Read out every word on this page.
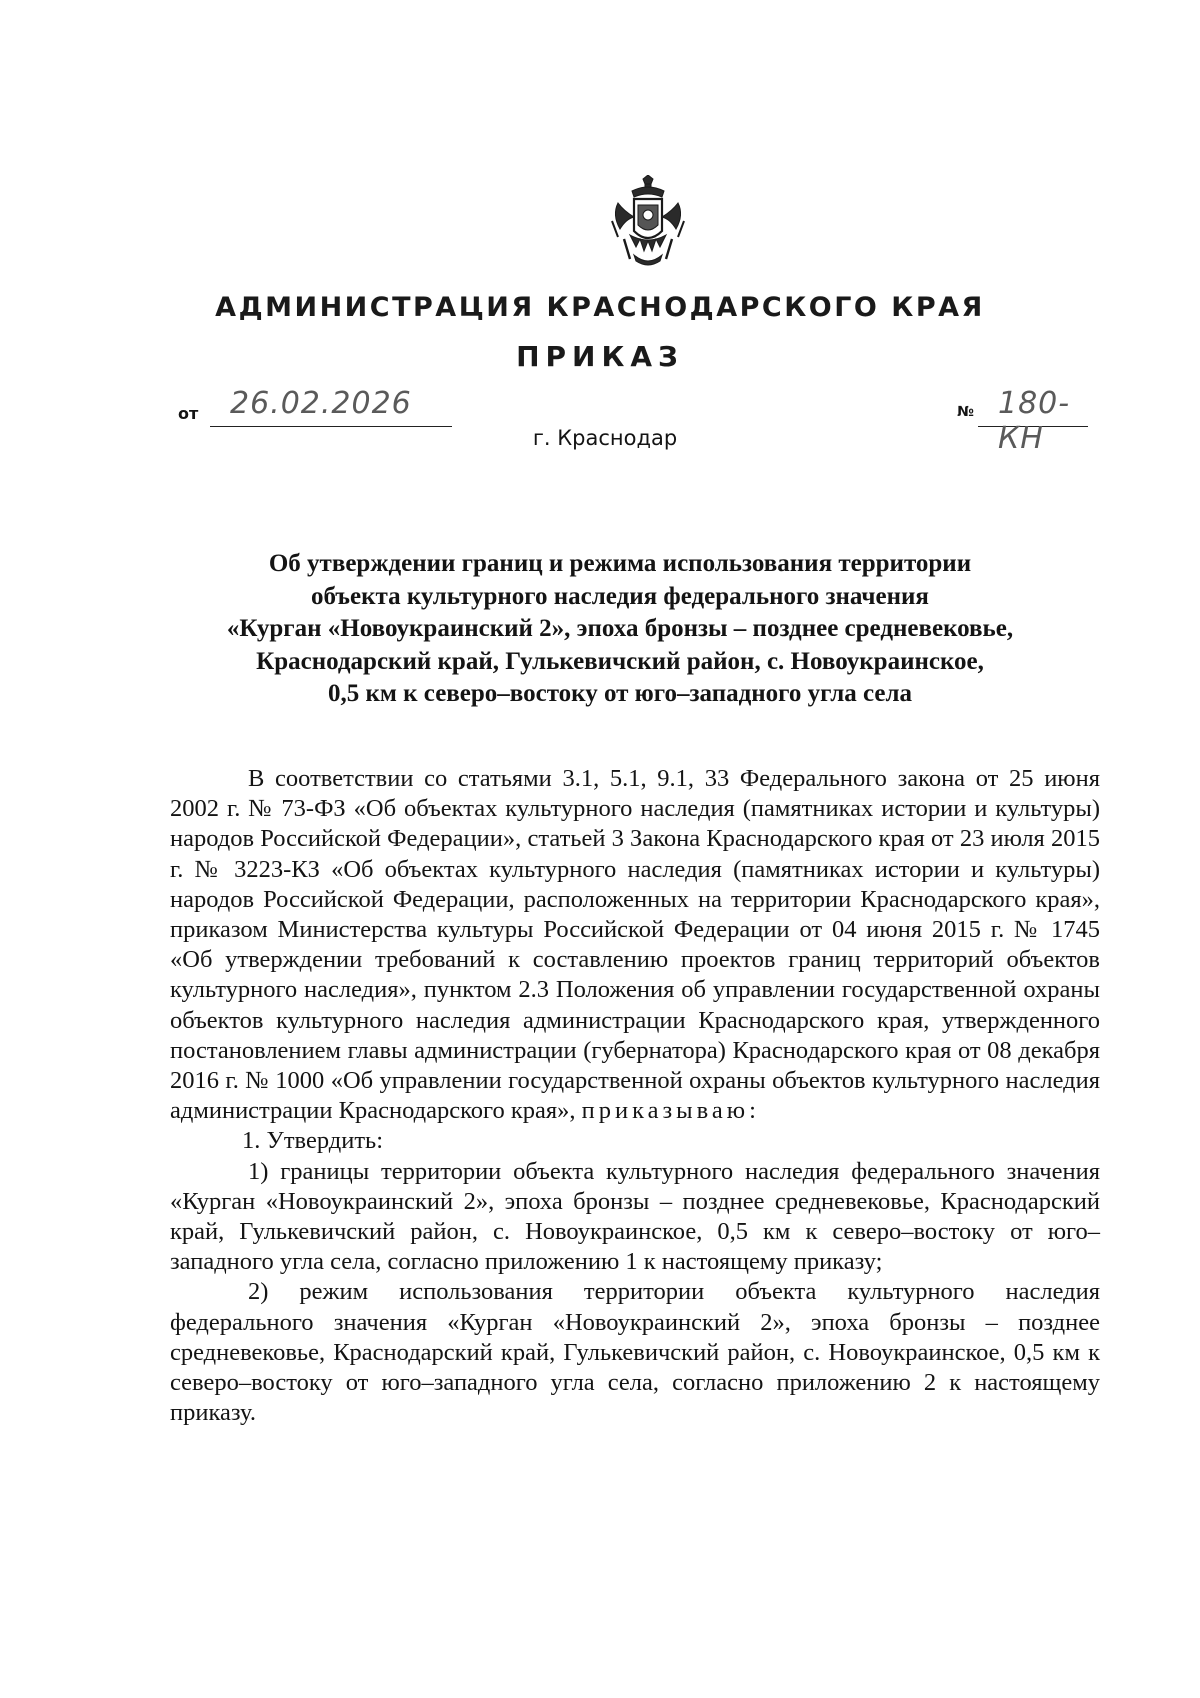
АДМИНИСТРАЦИЯ КРАСНОДАРСКОГО КРАЯ
ПРИКАЗ
от 26.02.2026	№ 180-КН
г. Краснодар
Об утверждении границ и режима использования территории
объекта культурного наследия федерального значения
«Курган «Новоукраинский 2», эпоха бронзы – позднее средневековье,
Краснодарский край, Гулькевичский район, с. Новоукраинское,
0,5 км к северо–востоку от юго–западного угла села

В соответствии со статьями 3.1, 5.1, 9.1, 33 Федерального закона от 25 июня 2002 г. № 73-ФЗ «Об объектах культурного наследия (памятниках истории и культуры) народов Российской Федерации», статьей 3 Закона Краснодарского края от 23 июля 2015 г. № 3223-КЗ «Об объектах культурного наследия (памятниках истории и культуры) народов Российской Федерации, расположенных на территории Краснодарского края», приказом Министерства культуры Российской Федерации от 04 июня 2015 г. № 1745 «Об утверждении требований к составлению проектов границ территорий объектов культурного наследия», пунктом 2.3 Положения об управлении государственной охраны объектов культурного наследия администрации Краснодарского края, утвержденного постановлением главы администрации (губернатора) Краснодарского края от 08 декабря 2016 г. № 1000 «Об управлении государственной охраны объектов культурного наследия администрации Краснодарского края», приказываю:

1. Утвердить:

1) границы территории объекта культурного наследия федерального значения «Курган «Новоукраинский 2», эпоха бронзы – позднее средневековье, Краснодарский край, Гулькевичский район, с. Новоукраинское, 0,5 км к северо–востоку от юго–западного угла села, согласно приложению 1 к настоящему приказу;

2) режим использования территории объекта культурного наследия федерального значения «Курган «Новоукраинский 2», эпоха бронзы – позднее средневековье, Краснодарский край, Гулькевичский район, с. Новоукраинское, 0,5 км к северо–востоку от юго–западного угла села, согласно приложению 2 к настоящему приказу.
